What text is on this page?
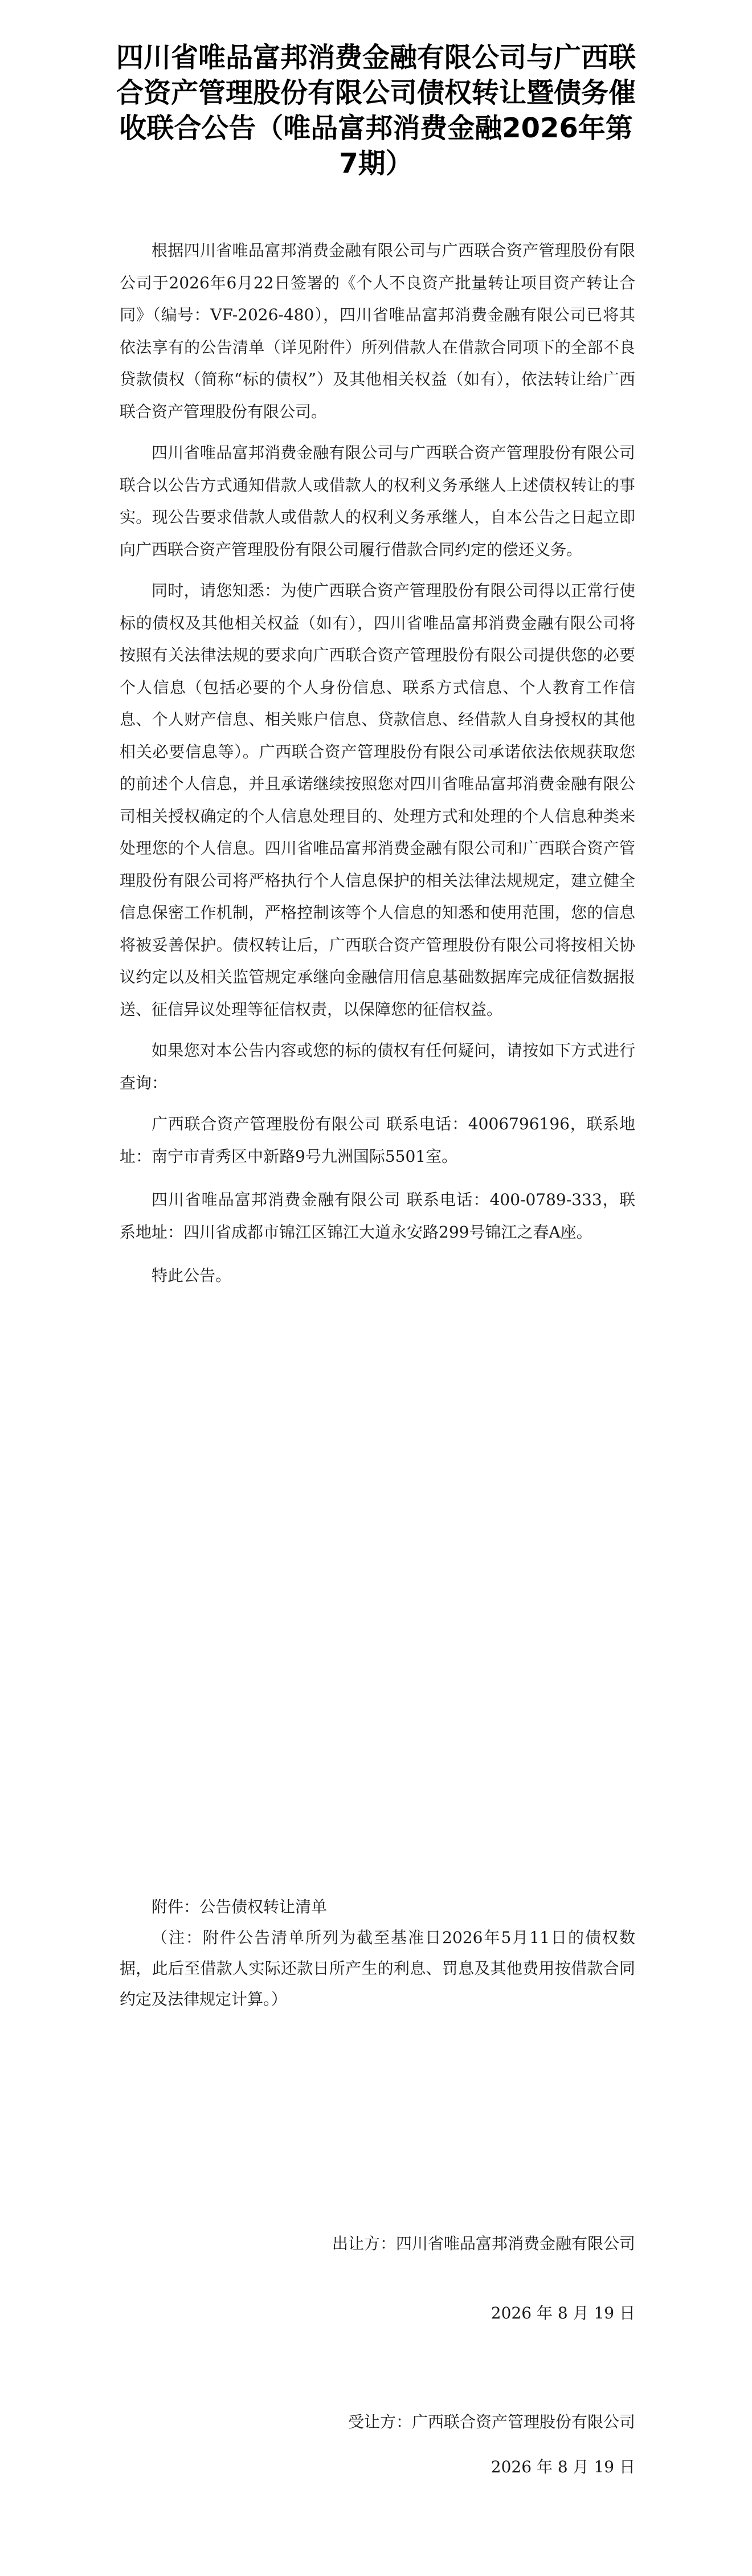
四川省唯品富邦消费金融有限公司与广西联合资产管理股份有限公司债权转让暨债务催收联合公告（唯品富邦消费金融2026年第7期）

根据四川省唯品富邦消费金融有限公司与广西联合资产管理股份有限公司于2026年6月22日签署的《个人不良资产批量转让项目资产转让合同》（编号：VF-2026-480），四川省唯品富邦消费金融有限公司已将其依法享有的公告清单（详见附件）所列借款人在借款合同项下的全部不良贷款债权（简称“标的债权”）及其他相关权益（如有），依法转让给广西联合资产管理股份有限公司。

四川省唯品富邦消费金融有限公司与广西联合资产管理股份有限公司联合以公告方式通知借款人或借款人的权利义务承继人上述债权转让的事实。现公告要求借款人或借款人的权利义务承继人，自本公告之日起立即向广西联合资产管理股份有限公司履行借款合同约定的偿还义务。

同时，请您知悉：为使广西联合资产管理股份有限公司得以正常行使标的债权及其他相关权益（如有），四川省唯品富邦消费金融有限公司将按照有关法律法规的要求向广西联合资产管理股份有限公司提供您的必要个人信息（包括必要的个人身份信息、联系方式信息、个人教育工作信息、个人财产信息、相关账户信息、贷款信息、经借款人自身授权的其他相关必要信息等）。广西联合资产管理股份有限公司承诺依法依规获取您的前述个人信息，并且承诺继续按照您对四川省唯品富邦消费金融有限公司相关授权确定的个人信息处理目的、处理方式和处理的个人信息种类来处理您的个人信息。四川省唯品富邦消费金融有限公司和广西联合资产管理股份有限公司将严格执行个人信息保护的相关法律法规规定，建立健全信息保密工作机制，严格控制该等个人信息的知悉和使用范围，您的信息将被妥善保护。债权转让后，广西联合资产管理股份有限公司将按相关协议约定以及相关监管规定承继向金融信用信息基础数据库完成征信数据报送、征信异议处理等征信权责，以保障您的征信权益。

如果您对本公告内容或您的标的债权有任何疑问，请按如下方式进行查询：

广西联合资产管理股份有限公司 联系电话：4006796196，联系地址：南宁市青秀区中新路9号九洲国际5501室。

四川省唯品富邦消费金融有限公司 联系电话：400-0789-333，联系地址：四川省成都市锦江区锦江大道永安路299号锦江之春A座。

特此公告。

附件：公告债权转让清单

（注：附件公告清单所列为截至基准日2026年5月11日的债权数据，此后至借款人实际还款日所产生的利息、罚息及其他费用按借款合同约定及法律规定计算。）

出让方：四川省唯品富邦消费金融有限公司
2026 年 8 月 19 日
受让方：广西联合资产管理股份有限公司
2026 年 8 月 19 日
